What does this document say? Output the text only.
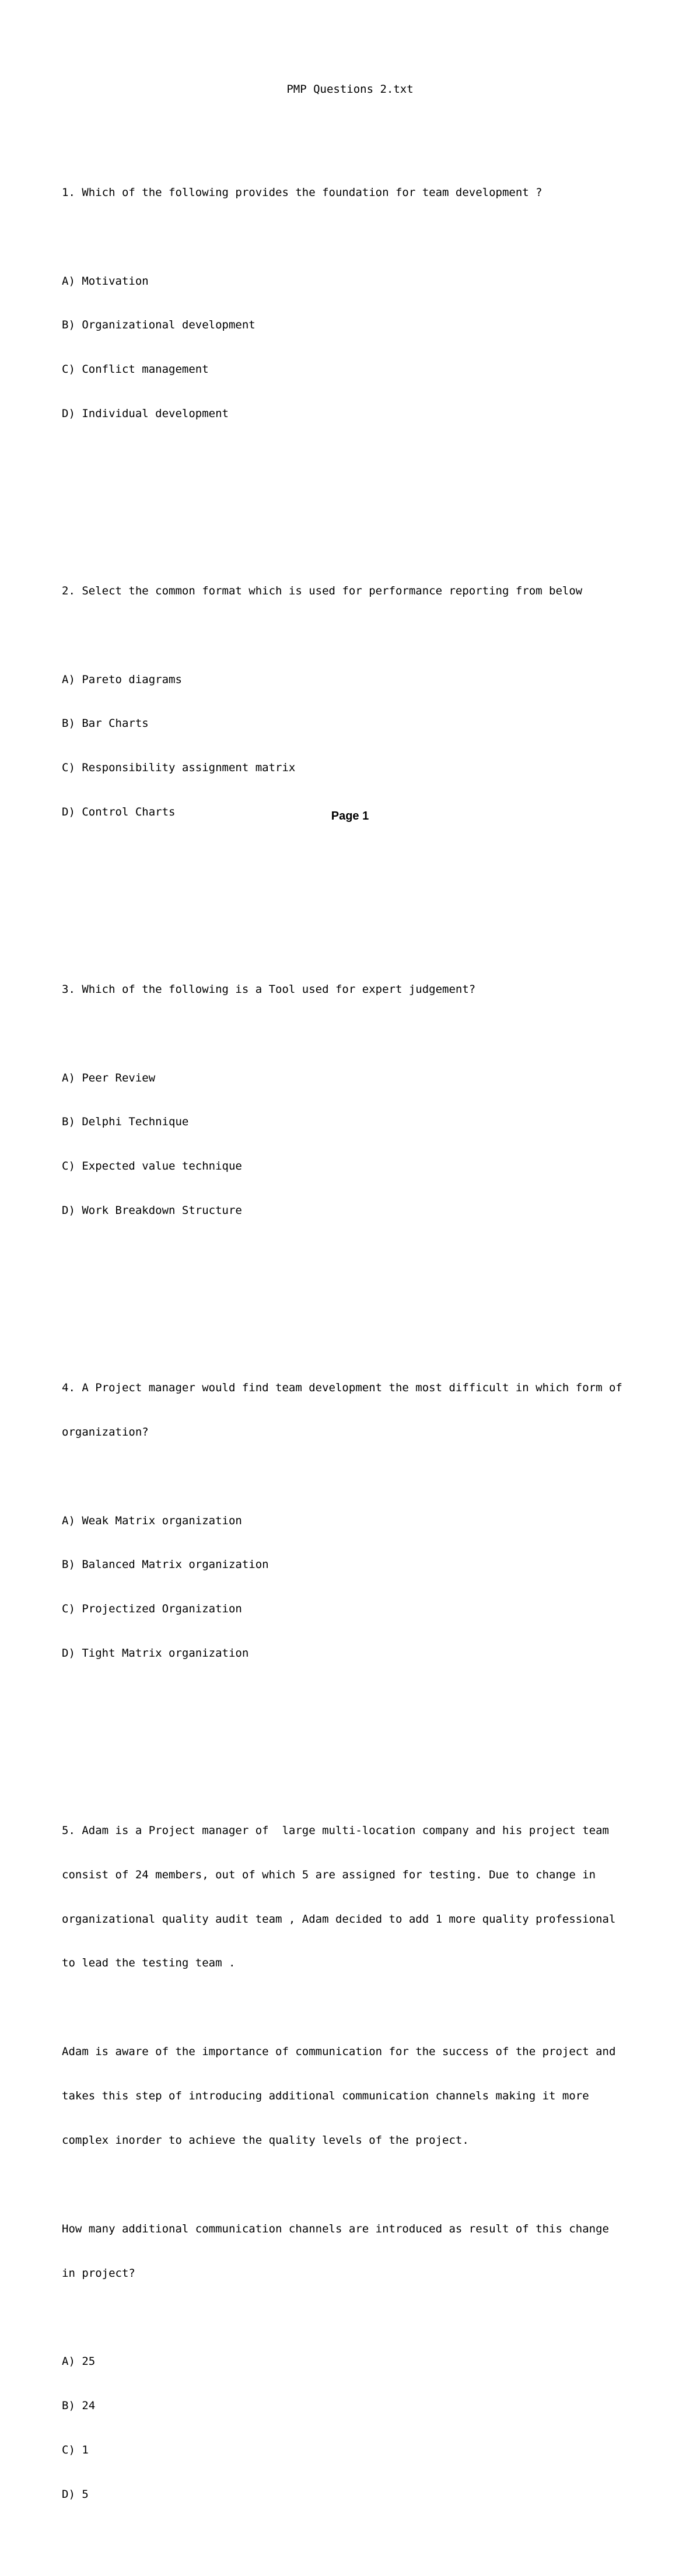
PMP Questions 2.txt

1. Which of the following provides the foundation for team development ?

A) Motivation

B) Organizational development

C) Conflict management

D) Individual development

2. Select the common format which is used for performance reporting from below

A) Pareto diagrams

B) Bar Charts

C) Responsibility assignment matrix

D) Control Charts

3. Which of the following is a Tool used for expert judgement?

A) Peer Review

B) Delphi Technique

C) Expected value technique

D) Work Breakdown Structure

4. A Project manager would find team development the most difficult in which form of

organization?

A) Weak Matrix organization

B) Balanced Matrix organization

C) Projectized Organization

D) Tight Matrix organization

5. Adam is a Project manager of  large multi-location company and his project team

consist of 24 members, out of which 5 are assigned for testing. Due to change in

organizational quality audit team , Adam decided to add 1 more quality professional

to lead the testing team .

Adam is aware of the importance of communication for the success of the project and

takes this step of introducing additional communication channels making it more

complex inorder to achieve the quality levels of the project.

How many additional communication channels are introduced as result of this change

in project?

A) 25

B) 24

C) 1

D) 5

Page 1
